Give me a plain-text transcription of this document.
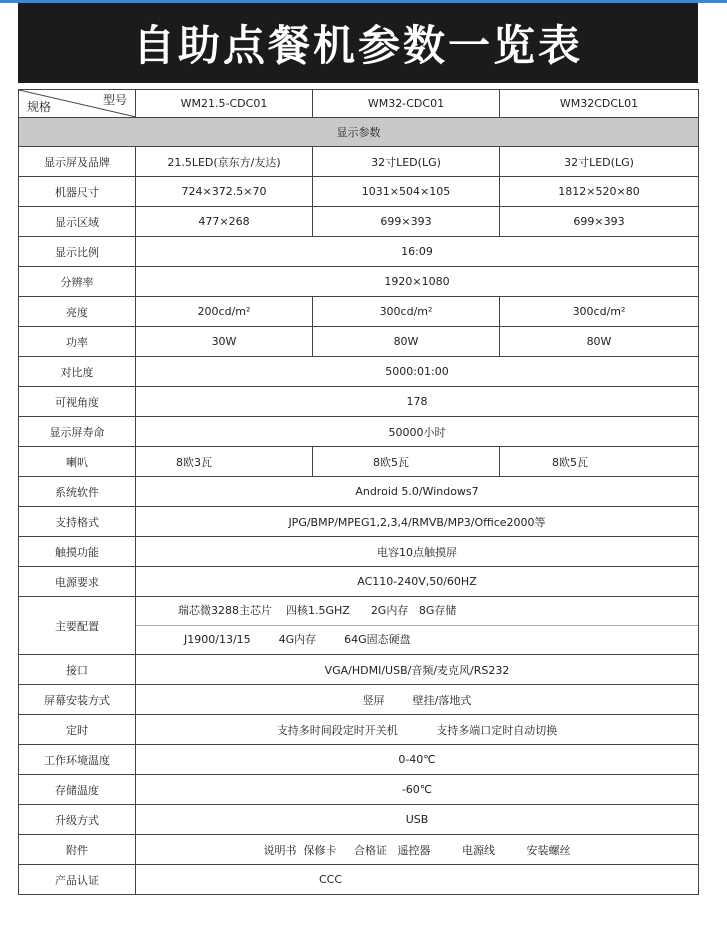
自助点餐机参数一览表
型号
规格	WM21.5-CDC01	WM32-CDC01	WM32CDCL01
显示参数			
显示屏及品牌	21.5LED(京东方/友达)	32寸LED(LG)	32寸LED(LG)
机器尺寸	724×372.5×70	1031×504×105	1812×520×80
显示区域	477×268	699×393	699×393
显示比例	16:09		
分辨率	1920×1080		
亮度	200cd/m²	300cd/m²	300cd/m²
功率	30W	80W	80W
对比度	5000:01:00		
可视角度	178		
显示屏寿命	50000小时		
喇叭	8欧3瓦	8欧5瓦	8欧5瓦
系统软件	Android 5.0/Windows7		
支持格式	JPG/BMP/MPEG1,2,3,4/RMVB/MP3/Office2000等		
触摸功能	电容10点触摸屏		
电源要求	AC110-240V,50/60HZ		
主要配置	瑞芯微3288主芯片 四核1.5GHZ 2G内存 8G存储
J1900/13/15 4G内存 64G固态硬盘		

接口	VGA/HDMI/USB/音频/麦克风/RS232		
屏幕安装方式	竖屏 壁挂/落地式		
定时	支持多时间段定时开关机 支持多端口定时自动切换		
工作环境温度	0-40℃		
存储温度	-60℃		
升级方式	USB		
附件	说明书 保修卡 合格证 遥控器 电源线 安装螺丝		
产品认证	CCC		
